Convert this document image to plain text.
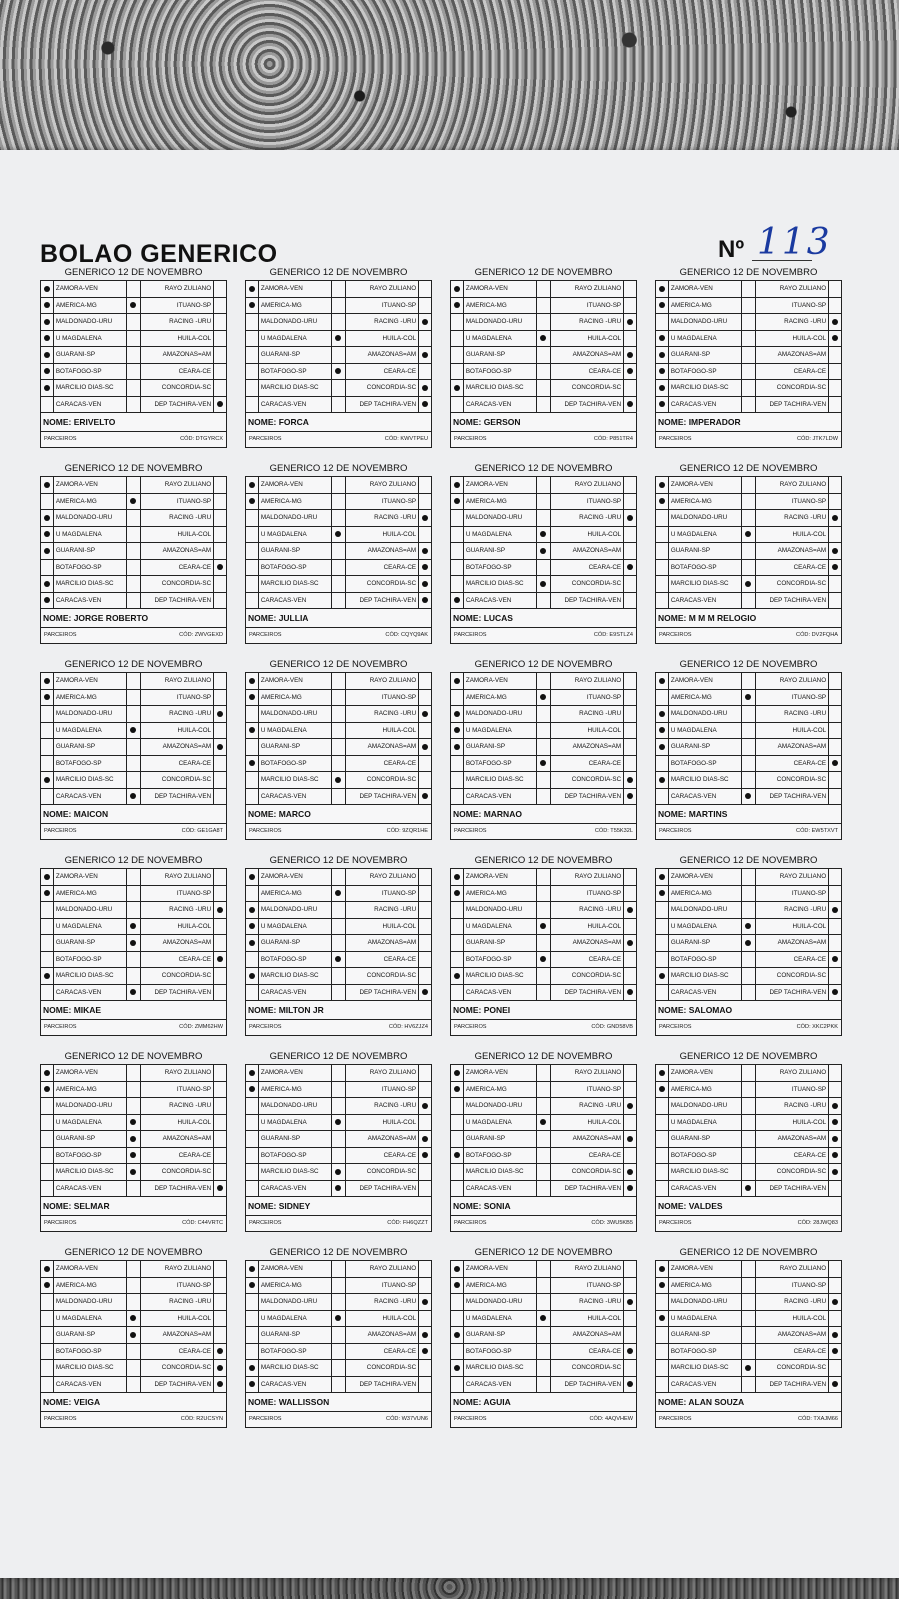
BOLAO GENERICO	Nº 113
GENERICO 12 DE NOVEMBRO
ZAMORA-VEN	RAYO ZULIANO
AMERICA-MG	ITUANO-SP
MALDONADO-URU	RACING -URU
U MAGDALENA	HUILA-COL
GUARANI-SP	AMAZONAS=AM
BOTAFOGO-SP	CEARA-CE
MARCILIO DIAS-SC	CONCORDIA-SC
CARACAS-VEN	DEP TACHIRA-VEN
NOME: ERIVELTO
PARCEIROS	CÓD: DTGYRCX
GENERICO 12 DE NOVEMBRO
ZAMORA-VEN	RAYO ZULIANO
AMERICA-MG	ITUANO-SP
MALDONADO-URU	RACING -URU
U MAGDALENA	HUILA-COL
GUARANI-SP	AMAZONAS=AM
BOTAFOGO-SP	CEARA-CE
MARCILIO DIAS-SC	CONCORDIA-SC
CARACAS-VEN	DEP TACHIRA-VEN
NOME: FORCA
PARCEIROS	CÓD: KWVTPEU
GENERICO 12 DE NOVEMBRO
ZAMORA-VEN	RAYO ZULIANO
AMERICA-MG	ITUANO-SP
MALDONADO-URU	RACING -URU
U MAGDALENA	HUILA-COL
GUARANI-SP	AMAZONAS=AM
BOTAFOGO-SP	CEARA-CE
MARCILIO DIAS-SC	CONCORDIA-SC
CARACAS-VEN	DEP TACHIRA-VEN
NOME: GERSON
PARCEIROS	CÓD: P851TR4
GENERICO 12 DE NOVEMBRO
ZAMORA-VEN	RAYO ZULIANO
AMERICA-MG	ITUANO-SP
MALDONADO-URU	RACING -URU
U MAGDALENA	HUILA-COL
GUARANI-SP	AMAZONAS=AM
BOTAFOGO-SP	CEARA-CE
MARCILIO DIAS-SC	CONCORDIA-SC
CARACAS-VEN	DEP TACHIRA-VEN
NOME: IMPERADOR
PARCEIROS	CÓD: JTK7LDW
GENERICO 12 DE NOVEMBRO
ZAMORA-VEN	RAYO ZULIANO
AMERICA-MG	ITUANO-SP
MALDONADO-URU	RACING -URU
U MAGDALENA	HUILA-COL
GUARANI-SP	AMAZONAS=AM
BOTAFOGO-SP	CEARA-CE
MARCILIO DIAS-SC	CONCORDIA-SC
CARACAS-VEN	DEP TACHIRA-VEN
NOME: JORGE ROBERTO
PARCEIROS	CÓD: ZWVGEXD
GENERICO 12 DE NOVEMBRO
ZAMORA-VEN	RAYO ZULIANO
AMERICA-MG	ITUANO-SP
MALDONADO-URU	RACING -URU
U MAGDALENA	HUILA-COL
GUARANI-SP	AMAZONAS=AM
BOTAFOGO-SP	CEARA-CE
MARCILIO DIAS-SC	CONCORDIA-SC
CARACAS-VEN	DEP TACHIRA-VEN
NOME: JULLIA
PARCEIROS	CÓD: CQYQ9AK
GENERICO 12 DE NOVEMBRO
ZAMORA-VEN	RAYO ZULIANO
AMERICA-MG	ITUANO-SP
MALDONADO-URU	RACING -URU
U MAGDALENA	HUILA-COL
GUARANI-SP	AMAZONAS=AM
BOTAFOGO-SP	CEARA-CE
MARCILIO DIAS-SC	CONCORDIA-SC
CARACAS-VEN	DEP TACHIRA-VEN
NOME: LUCAS
PARCEIROS	CÓD: E9STLZ4
GENERICO 12 DE NOVEMBRO
ZAMORA-VEN	RAYO ZULIANO
AMERICA-MG	ITUANO-SP
MALDONADO-URU	RACING -URU
U MAGDALENA	HUILA-COL
GUARANI-SP	AMAZONAS=AM
BOTAFOGO-SP	CEARA-CE
MARCILIO DIAS-SC	CONCORDIA-SC
CARACAS-VEN	DEP TACHIRA-VEN
NOME: M M M RELOGIO
PARCEIROS	CÓD: DV2FQHA
GENERICO 12 DE NOVEMBRO
ZAMORA-VEN	RAYO ZULIANO
AMERICA-MG	ITUANO-SP
MALDONADO-URU	RACING -URU
U MAGDALENA	HUILA-COL
GUARANI-SP	AMAZONAS=AM
BOTAFOGO-SP	CEARA-CE
MARCILIO DIAS-SC	CONCORDIA-SC
CARACAS-VEN	DEP TACHIRA-VEN
NOME: MAICON
PARCEIROS	CÓD: GE1GA8T
GENERICO 12 DE NOVEMBRO
ZAMORA-VEN	RAYO ZULIANO
AMERICA-MG	ITUANO-SP
MALDONADO-URU	RACING -URU
U MAGDALENA	HUILA-COL
GUARANI-SP	AMAZONAS=AM
BOTAFOGO-SP	CEARA-CE
MARCILIO DIAS-SC	CONCORDIA-SC
CARACAS-VEN	DEP TACHIRA-VEN
NOME: MARCO
PARCEIROS	CÓD: 9ZQR1HE
GENERICO 12 DE NOVEMBRO
ZAMORA-VEN	RAYO ZULIANO
AMERICA-MG	ITUANO-SP
MALDONADO-URU	RACING -URU
U MAGDALENA	HUILA-COL
GUARANI-SP	AMAZONAS=AM
BOTAFOGO-SP	CEARA-CE
MARCILIO DIAS-SC	CONCORDIA-SC
CARACAS-VEN	DEP TACHIRA-VEN
NOME: MARNAO
PARCEIROS	CÓD: T55K32L
GENERICO 12 DE NOVEMBRO
ZAMORA-VEN	RAYO ZULIANO
AMERICA-MG	ITUANO-SP
MALDONADO-URU	RACING -URU
U MAGDALENA	HUILA-COL
GUARANI-SP	AMAZONAS=AM
BOTAFOGO-SP	CEARA-CE
MARCILIO DIAS-SC	CONCORDIA-SC
CARACAS-VEN	DEP TACHIRA-VEN
NOME: MARTINS
PARCEIROS	CÓD: EW5TXVT
GENERICO 12 DE NOVEMBRO
ZAMORA-VEN	RAYO ZULIANO
AMERICA-MG	ITUANO-SP
MALDONADO-URU	RACING -URU
U MAGDALENA	HUILA-COL
GUARANI-SP	AMAZONAS=AM
BOTAFOGO-SP	CEARA-CE
MARCILIO DIAS-SC	CONCORDIA-SC
CARACAS-VEN	DEP TACHIRA-VEN
NOME: MIKAE
PARCEIROS	CÓD: ZMM62HW
GENERICO 12 DE NOVEMBRO
ZAMORA-VEN	RAYO ZULIANO
AMERICA-MG	ITUANO-SP
MALDONADO-URU	RACING -URU
U MAGDALENA	HUILA-COL
GUARANI-SP	AMAZONAS=AM
BOTAFOGO-SP	CEARA-CE
MARCILIO DIAS-SC	CONCORDIA-SC
CARACAS-VEN	DEP TACHIRA-VEN
NOME: MILTON JR
PARCEIROS	CÓD: HV6ZJZ4
GENERICO 12 DE NOVEMBRO
ZAMORA-VEN	RAYO ZULIANO
AMERICA-MG	ITUANO-SP
MALDONADO-URU	RACING -URU
U MAGDALENA	HUILA-COL
GUARANI-SP	AMAZONAS=AM
BOTAFOGO-SP	CEARA-CE
MARCILIO DIAS-SC	CONCORDIA-SC
CARACAS-VEN	DEP TACHIRA-VEN
NOME: PONEI
PARCEIROS	CÓD: GND58VB
GENERICO 12 DE NOVEMBRO
ZAMORA-VEN	RAYO ZULIANO
AMERICA-MG	ITUANO-SP
MALDONADO-URU	RACING -URU
U MAGDALENA	HUILA-COL
GUARANI-SP	AMAZONAS=AM
BOTAFOGO-SP	CEARA-CE
MARCILIO DIAS-SC	CONCORDIA-SC
CARACAS-VEN	DEP TACHIRA-VEN
NOME: SALOMAO
PARCEIROS	CÓD: XKC2PKK
GENERICO 12 DE NOVEMBRO
ZAMORA-VEN	RAYO ZULIANO
AMERICA-MG	ITUANO-SP
MALDONADO-URU	RACING -URU
U MAGDALENA	HUILA-COL
GUARANI-SP	AMAZONAS=AM
BOTAFOGO-SP	CEARA-CE
MARCILIO DIAS-SC	CONCORDIA-SC
CARACAS-VEN	DEP TACHIRA-VEN
NOME: SELMAR
PARCEIROS	CÓD: C44VRTC
GENERICO 12 DE NOVEMBRO
ZAMORA-VEN	RAYO ZULIANO
AMERICA-MG	ITUANO-SP
MALDONADO-URU	RACING -URU
U MAGDALENA	HUILA-COL
GUARANI-SP	AMAZONAS=AM
BOTAFOGO-SP	CEARA-CE
MARCILIO DIAS-SC	CONCORDIA-SC
CARACAS-VEN	DEP TACHIRA-VEN
NOME: SIDNEY
PARCEIROS	CÓD: FH6QZZT
GENERICO 12 DE NOVEMBRO
ZAMORA-VEN	RAYO ZULIANO
AMERICA-MG	ITUANO-SP
MALDONADO-URU	RACING -URU
U MAGDALENA	HUILA-COL
GUARANI-SP	AMAZONAS=AM
BOTAFOGO-SP	CEARA-CE
MARCILIO DIAS-SC	CONCORDIA-SC
CARACAS-VEN	DEP TACHIRA-VEN
NOME: SONIA
PARCEIROS	CÓD: 3WU5KB5
GENERICO 12 DE NOVEMBRO
ZAMORA-VEN	RAYO ZULIANO
AMERICA-MG	ITUANO-SP
MALDONADO-URU	RACING -URU
U MAGDALENA	HUILA-COL
GUARANI-SP	AMAZONAS=AM
BOTAFOGO-SP	CEARA-CE
MARCILIO DIAS-SC	CONCORDIA-SC
CARACAS-VEN	DEP TACHIRA-VEN
NOME: VALDES
PARCEIROS	CÓD: 28JWQ83
GENERICO 12 DE NOVEMBRO
ZAMORA-VEN	RAYO ZULIANO
AMERICA-MG	ITUANO-SP
MALDONADO-URU	RACING -URU
U MAGDALENA	HUILA-COL
GUARANI-SP	AMAZONAS=AM
BOTAFOGO-SP	CEARA-CE
MARCILIO DIAS-SC	CONCORDIA-SC
CARACAS-VEN	DEP TACHIRA-VEN
NOME: VEIGA
PARCEIROS	CÓD: R2UCSYN
GENERICO 12 DE NOVEMBRO
ZAMORA-VEN	RAYO ZULIANO
AMERICA-MG	ITUANO-SP
MALDONADO-URU	RACING -URU
U MAGDALENA	HUILA-COL
GUARANI-SP	AMAZONAS=AM
BOTAFOGO-SP	CEARA-CE
MARCILIO DIAS-SC	CONCORDIA-SC
CARACAS-VEN	DEP TACHIRA-VEN
NOME: WALLISSON
PARCEIROS	CÓD: W37VUN6
GENERICO 12 DE NOVEMBRO
ZAMORA-VEN	RAYO ZULIANO
AMERICA-MG	ITUANO-SP
MALDONADO-URU	RACING -URU
U MAGDALENA	HUILA-COL
GUARANI-SP	AMAZONAS=AM
BOTAFOGO-SP	CEARA-CE
MARCILIO DIAS-SC	CONCORDIA-SC
CARACAS-VEN	DEP TACHIRA-VEN
NOME: AGUIA
PARCEIROS	CÓD: 4AQVHEW
GENERICO 12 DE NOVEMBRO
ZAMORA-VEN	RAYO ZULIANO
AMERICA-MG	ITUANO-SP
MALDONADO-URU	RACING -URU
U MAGDALENA	HUILA-COL
GUARANI-SP	AMAZONAS=AM
BOTAFOGO-SP	CEARA-CE
MARCILIO DIAS-SC	CONCORDIA-SC
CARACAS-VEN	DEP TACHIRA-VEN
NOME: ALAN SOUZA
PARCEIROS	CÓD: TXAJM66
